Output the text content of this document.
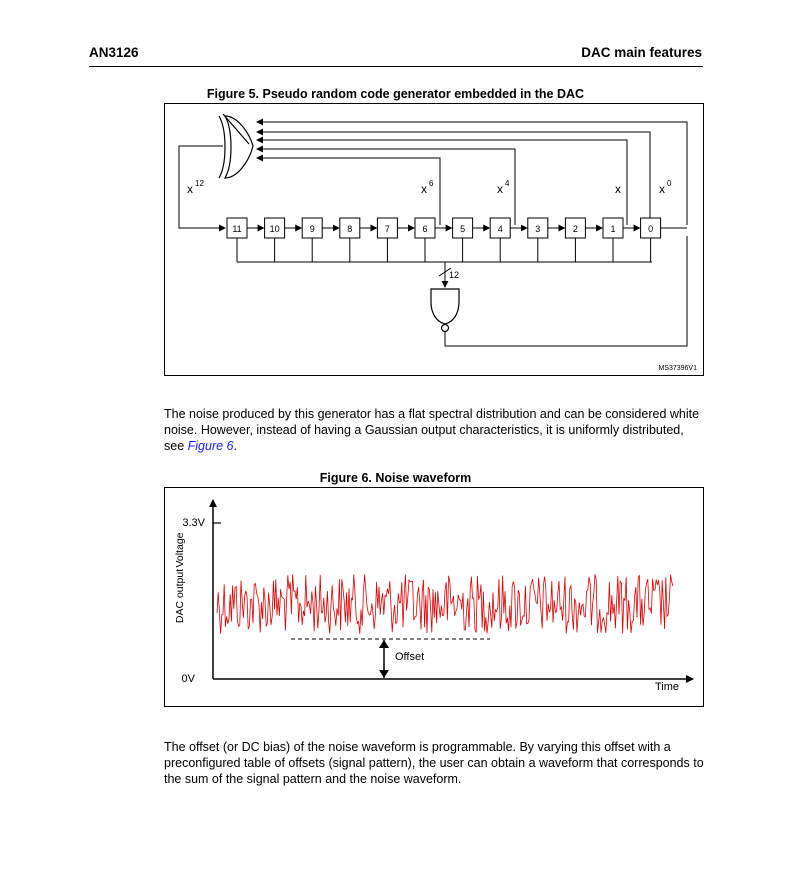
AN3126	DAC main features
Figure 5. Pseudo random code generator embedded in the DAC
x 12	x 6	x 4	x	x 0
11	10	9	8	7	6	5	4	3	2	1	0
12
MS37396V1
The noise produced by this generator has a flat spectral distribution and can be considered white noise. However, instead of having a Gaussian output characteristics, it is uniformly distributed, see Figure 6.
Figure 6. Noise waveform
3.3V
0V
Time
DAC output
Voltage
Offset
The offset (or DC bias) of the noise waveform is programmable. By varying this offset with a preconfigured table of offsets (signal pattern), the user can obtain a waveform that corresponds to the sum of the signal pattern and the noise waveform.
